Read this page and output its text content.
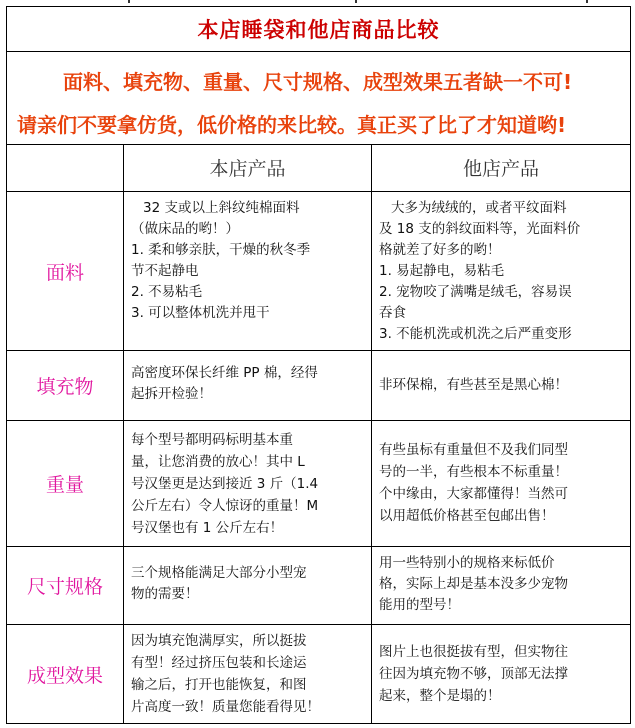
本店睡袋和他店商品比较
面料、填充物、重量、尺寸规格、成型效果五者缺一不可!
请亲们不要拿仿货，低价格的来比较。真正买了比了才知道哟!
本店产品	他店产品
面料
32 支或以上斜纹纯棉面料
（做床品的哟！）
1. 柔和够亲肤，干燥的秋冬季
节不起静电
2. 不易粘毛
3. 可以整体机洗并甩干
大多为绒绒的，或者平纹面料
及 18 支的斜纹面料等，光面料价
格就差了好多的哟！
1. 易起静电，易粘毛
2. 宠物咬了满嘴是绒毛，容易误
吞食
3. 不能机洗或机洗之后严重变形
填充物
高密度环保长纤维 PP 棉，经得
起拆开检验！
非环保棉，有些甚至是黑心棉！
重量
每个型号都明码标明基本重
量，让您消费的放心！其中 L
号汉堡更是达到接近 3 斤（1.4
公斤左右）令人惊讶的重量！M
号汉堡也有 1 公斤左右！
有些虽标有重量但不及我们同型
号的一半，有些根本不标重量！
个中缘由，大家都懂得！当然可
以用超低价格甚至包邮出售！
尺寸规格
三个规格能满足大部分小型宠
物的需要！
用一些特别小的规格来标低价
格，实际上却是基本没多少宠物
能用的型号！
成型效果
因为填充饱满厚实，所以挺拔
有型！经过挤压包装和长途运
输之后，打开也能恢复，和图
片高度一致！质量您能看得见！
图片上也很挺拔有型，但实物往
往因为填充物不够，顶部无法撑
起来，整个是塌的！
